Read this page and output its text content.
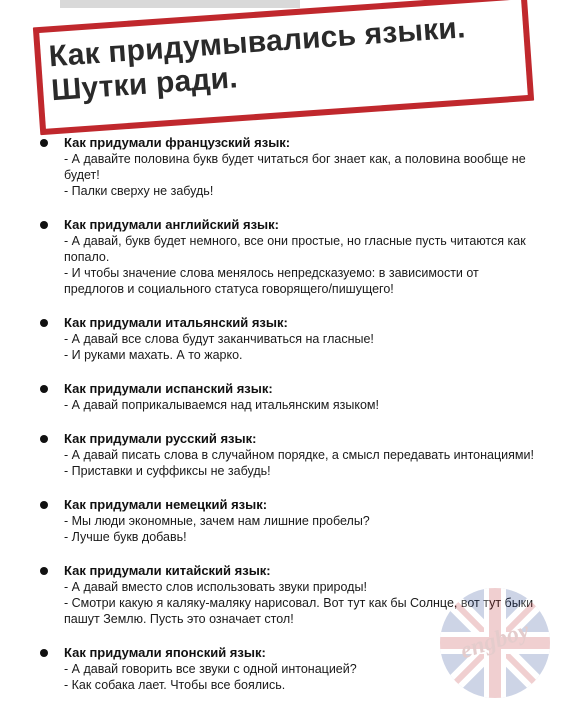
Как придумывались языки.
Шутки ради.
Как придумали французский язык:
- А давайте половина букв будет читаться бог знает как, а половина вообще не будет!
- Палки сверху не забудь!
Как придумали английский язык:
- А давай, букв будет немного, все они простые, но гласные пусть читаются как попало.
- И чтобы значение слова менялось непредсказуемо: в зависимости от предлогов и социального статуса говорящего/пишущего!
Как придумали итальянский язык:
- А давай все слова будут заканчиваться на гласные!
- И руками махать. А то жарко.
Как придумали испанский язык:
- А давай поприкалываемся над итальянским языком!
Как придумали русский язык:
- А давай писать слова в случайном порядке, а смысл передавать интонациями!
- Приставки и суффиксы не забудь!
Как придумали немецкий язык:
- Мы люди экономные, зачем нам лишние пробелы?
- Лучше букв добавь!
Как придумали китайский язык:
- А давай вместо слов использовать звуки природы!
- Смотри какую я каляку-маляку нарисовал. Вот тут как бы Солнце, вот тут быки пашут Землю. Пусть это означает стол!
Как придумали японский язык:
- А давай говорить все звуки с одной интонацией?
- Как собака лает. Чтобы все боялись.
engboy
